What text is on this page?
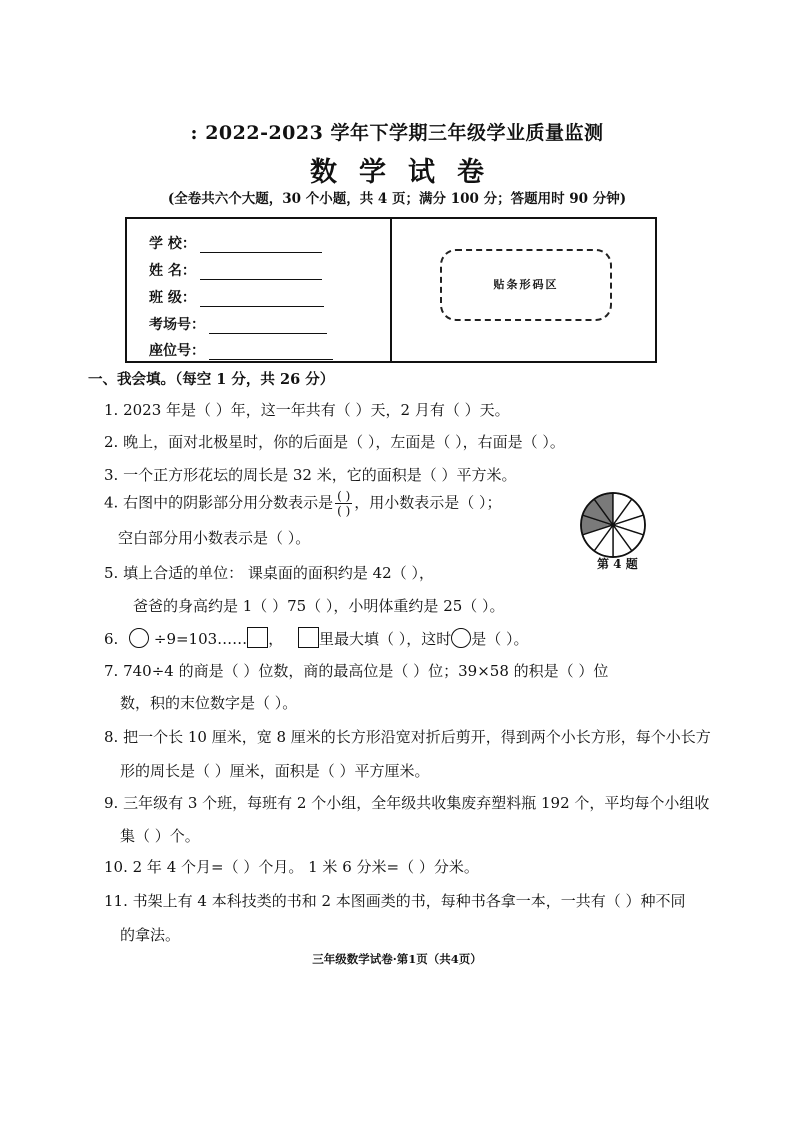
: 2022-2023 学年下学期三年级学业质量监测
数学试卷
(全卷共六个大题，30 个小题，共 4 页；满分 100 分；答题用时 90 分钟)
学 校：
姓 名：
班 级：
考场号：
座位号：
贴条形码区
一、我会填。（每空 1 分，共 26 分）
1. 2023 年是（ ）年，这一年共有（ ）天，2 月有（ ）天。
2. 晚上，面对北极星时，你的后面是（ ），左面是（ ），右面是（ ）。
3. 一个正方形花坛的周长是 32 米，它的面积是（ ）平方米。
4. 右图中的阴影部分用分数表示是 $\frac{( )}{( )}$ ，用小数表示是（ ）；
空白部分用小数表示是（ ）。
第 4 题
5. 填上合适的单位： 课桌面的面积约是 42（ ），
爸爸的身高约是 1（ ）75（ ），小明体重约是 25（ ）。
6. ÷9=103…… ， 里最大填（ ），这时 是（ ）。
7. 740÷4 的商是（ ）位数，商的最高位是（ ）位；39×58 的积是（ ）位
数，积的末位数字是（ ）。
8. 把一个长 10 厘米，宽 8 厘米的长方形沿宽对折后剪开，得到两个小长方形，每个小长方
形的周长是（ ）厘米，面积是（ ）平方厘米。
9. 三年级有 3 个班，每班有 2 个小组，全年级共收集废弃塑料瓶 192 个，平均每个小组收
集（ ）个。
10. 2 年 4 个月=（ ）个月。 1 米 6 分米=（ ）分米。
11. 书架上有 4 本科技类的书和 2 本图画类的书，每种书各拿一本，一共有（ ）种不同
的拿法。
三年级数学试卷·第1页（共4页）
